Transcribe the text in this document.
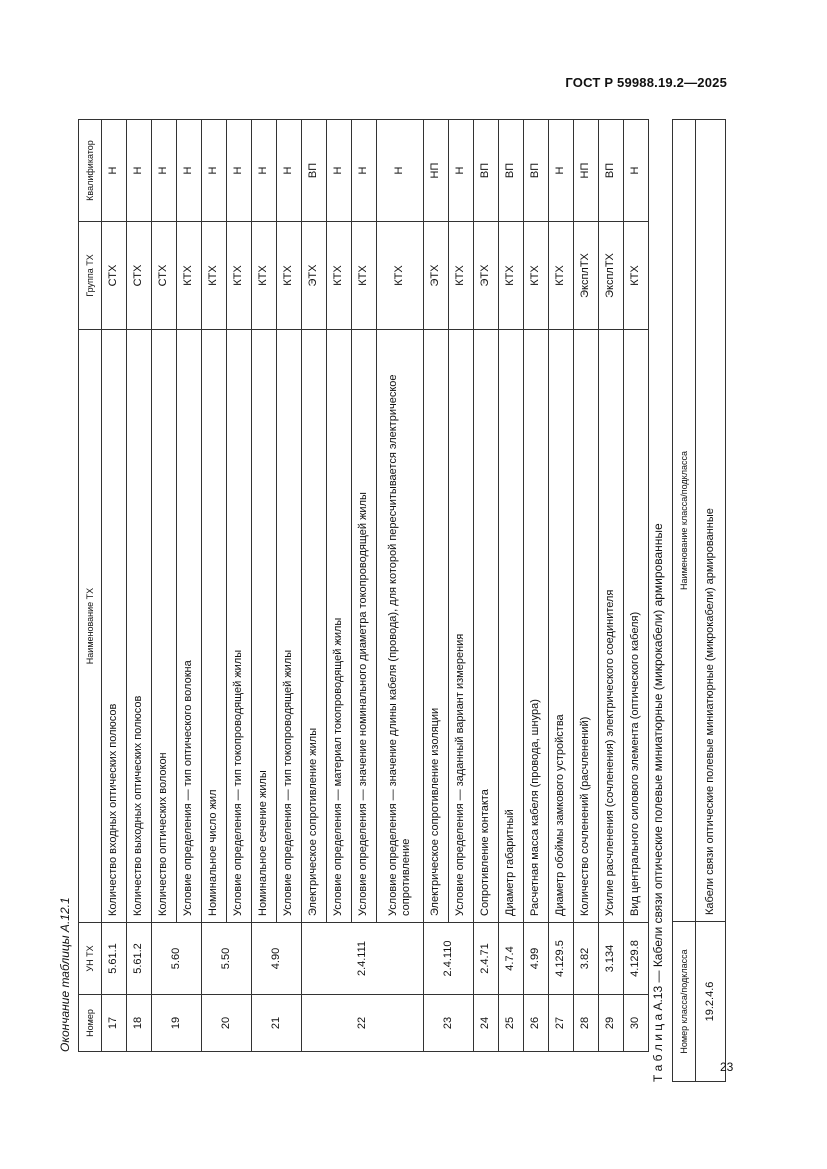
ГОСТ Р 59988.19.2—2025
Окончание таблицы А.12.1 Номер	УН ТХ	Наименование ТХ	Группа ТХ	Квалификатор
17	5.61.1	Количество входных оптических полюсов	СТХ	Н
18	5.61.2	Количество выходных оптических полюсов	СТХ	Н
19	5.60	Количество оптических волокон	СТХ	Н
		Условие определения — тип оптического волокна	КТХ	Н
20	5.50	Номинальное число жил	КТХ	Н
		Условие определения — тип токопроводящей жилы	КТХ	Н
21	4.90	Номинальное сечение жилы	КТХ	Н
		Условие определения — тип токопроводящей жилы	КТХ	Н
22	2.4.111	Электрическое сопротивление жилы	ЭТХ	ВП
		Условие определения — материал токопроводящей жилы	КТХ	Н
		Условие определения — значение номинального диаметра токопроводящей жилы	КТХ	Н
		Условие определения — значение длины кабеля (провода), для которой пересчитывается электрическое сопротивление	КТХ	Н
23	2.4.110	Электрическое сопротивление изоляции	ЭТХ	НП
		Условие определения — заданный вариант измерения	КТХ	Н
24	2.4.71	Сопротивление контакта	ЭТХ	ВП
25	4.7.4	Диаметр габаритный	КТХ	ВП
26	4.99	Расчетная масса кабеля (провода, шнура)	КТХ	ВП
27	4.129.5	Диаметр обоймы замкового устройства	КТХ	Н
28	3.82	Количество сочленений (расчленений)	ЭксплТХ	НП
29	3.134	Усилие расчленения (сочленения) электрического соединителя	ЭксплТХ	ВП
30	4.129.8	Вид центрального силового элемента (оптического кабеля)	КТХ	Н
Т а б л и ц а А.13 — Кабели связи оптические полевые миниатюрные (микрокабели) армированные Номер класса/подкласса	Наименование класса/подкласса
19.2.4.6	Кабели связи оптические полевые миниатюрные (микрокабели) армированные
23
